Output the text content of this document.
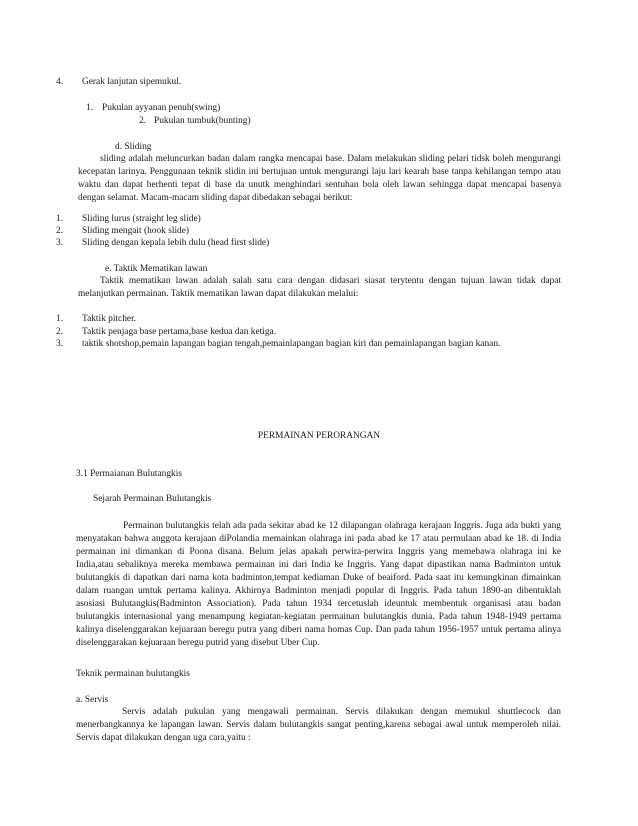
4. Gerak lanjutan sipemukul.
1. Pukulan ayyanan penuh(swing)
2. Pukulan tumbuk(bunting)
d. Sliding
sliding adalah meluncurkan badan dalam rangka mencapai base. Dalam melakukan sliding pelari tidsk boleh mengurangi kecepatan larinya. Penggunaan teknik slidin ini bertujuan untuk mengurangi laju lari kearah base tanpa kehilangan tempo atau waktu dan dapat berhenti tepat di base da unutk menghindari sentuhan bola oleh lawan sehingga dapat mencapai basenya dengan selamat. Macam-macam sliding dapat dibedakan sebagai berikut:
1. Sliding lurus (straight leg slide)
2. Sliding mengait (hook slide)
3. Sliding dengan kepala lebih dulu (head first slide)
e. Taktik Mematikan lawan
Taktik mematikan lawan adalah salah satu cara dengan didasari siasat terytentu dengan tujuan lawan tidak dapat melanjutkan permainan. Taktik mematikan lawan dapat dilakukan melalui:
1. Taktik pitcher.
2. Taktik penjaga base pertama,base kedua dan ketiga.
3. taktik shotshop,pemain lapangan bagian tengah,pemainlapangan bagian kiri dan pemainlapangan bagian kanan.
PERMAINAN PERORANGAN
3.1 Permaianan Bulutangkis
Sejarah Permainan Bulutangkis
Permainan bulutangkis telah ada pada sekitar abad ke 12 dilapangan olahraga kerajaan Inggris. Juga ada bukti yang menyatakan bahwa anggota kerajaan diPolandia memainkan olahraga ini pada abad ke 17 atau permulaan abad ke 18. di India permainan ini dimankan di Poona disana. Belum jelas apakah perwira-perwira Inggris yang memebawa olahraga ini ke India,atau sebaliknya mereka membawa permainan ini dari India ke Inggris. Yang dapat dipastikan nama Badminton untuk bulutangkis di dapatkan dari nama kota badminton,tempat kediaman Duke of beaiford. Pada saat itu kemungkinan dimainkan dalam ruangan umtuk pertama kalinya. Akhirnya Badminton menjadi popular di Inggris. Pada tahun 1890-an dibentuklah asosiasi Bulutangkis(Badminton Association). Pada tahun 1934 tercetuslah ideuntuk membentuk organisasi atau badan bulutangkis internasional yang menampung kegiatan-kegiatan permainan bulutangkis dunia. Pada tahun 1948-1949 pertama kalinya diselenggarakan kejuaraan beregu putra yang diberi nama homas Cup. Dan pada tahun 1956-1957 untuk pertama alinya diselenggarakan kejuaraan beregu putrid yang disebut Uber Cup.
Teknik permainan bulutangkis
a. Servis
Servis adalah pukulan yang mengawali permainan. Servis dilakukan dengan memukul shuttlecock dan menerbangkannya ke lapangan lawan. Servis dalam bulutangkis sangat penting,karena sebagai awal untuk memperoleh nilai. Servis dapat dilakukan dengan uga cara,yaitu :
